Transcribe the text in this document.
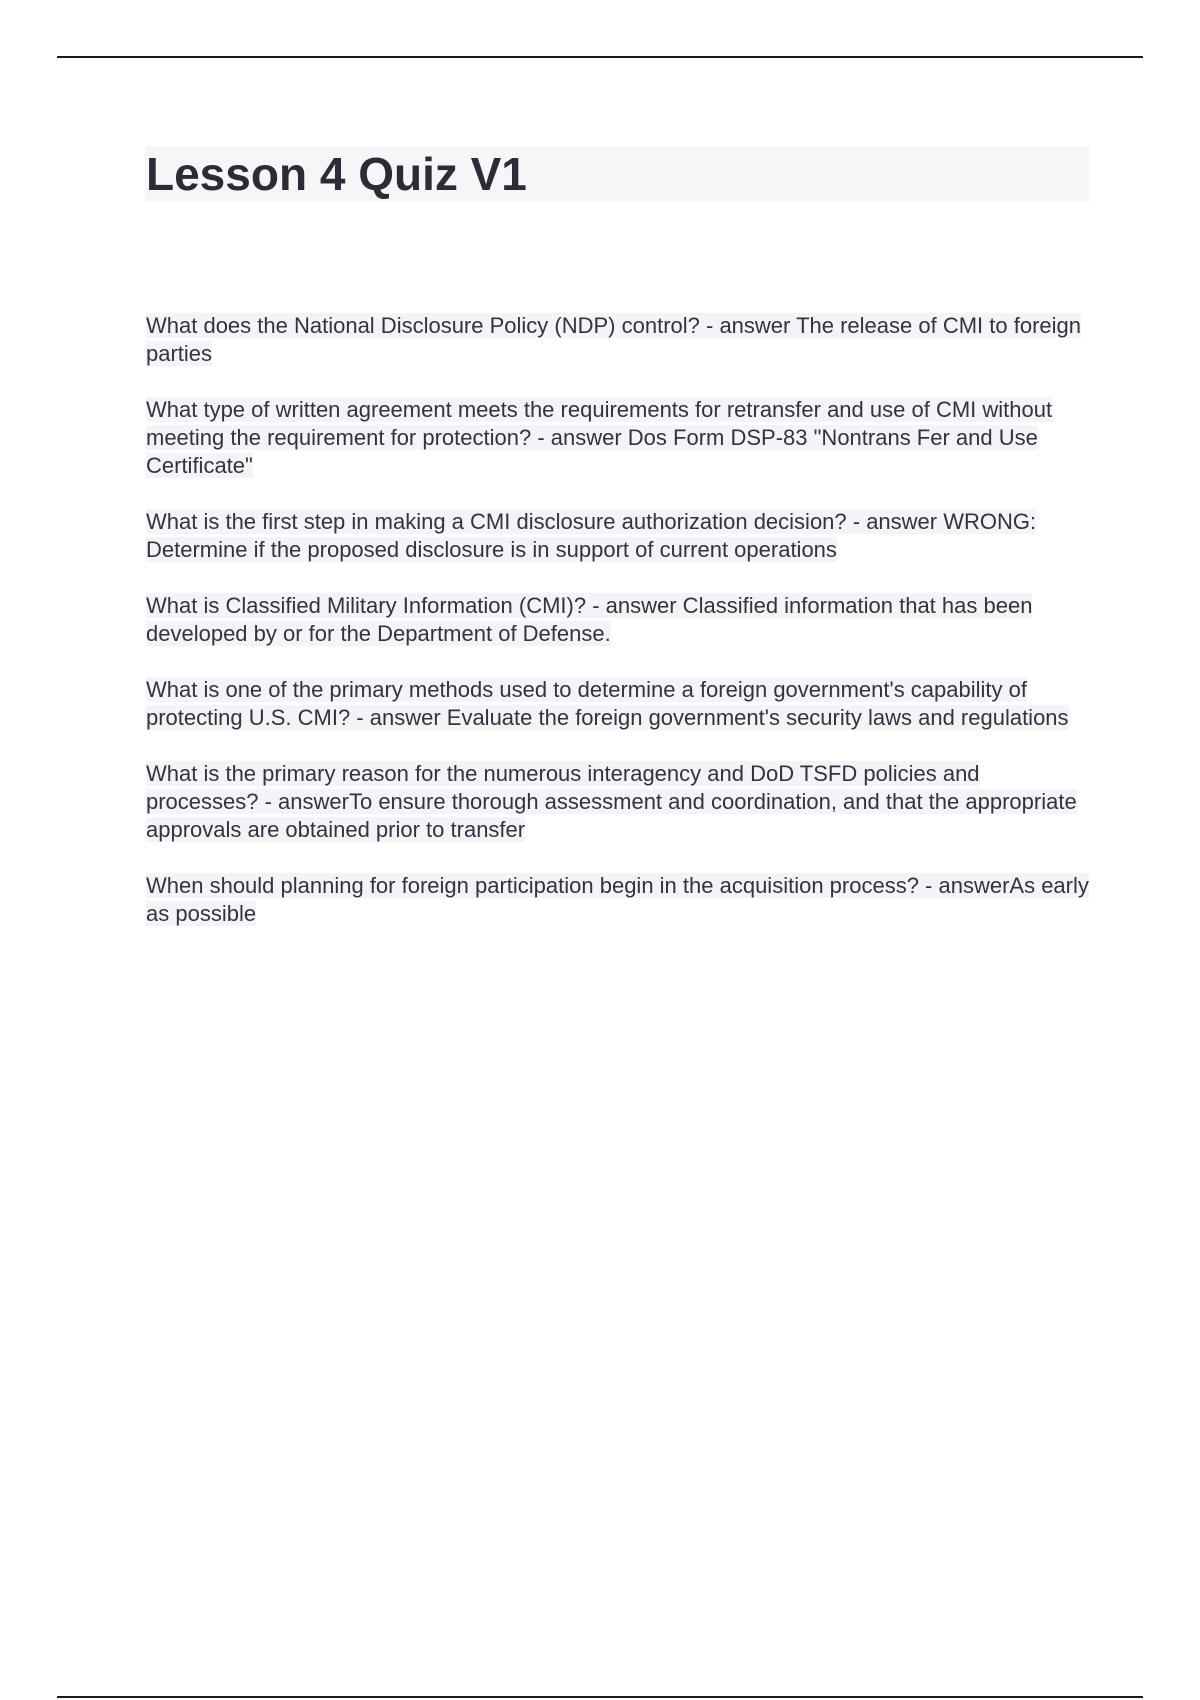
Lesson 4 Quiz V1

What does the National Disclosure Policy (NDP) control? - answer The release of CMI to foreign parties

What type of written agreement meets the requirements for retransfer and use of CMI without meeting the requirement for protection? - answer Dos Form DSP-83 "Nontrans Fer and Use Certificate"

What is the first step in making a CMI disclosure authorization decision? - answer WRONG: Determine if the proposed disclosure is in support of current operations

What is Classified Military Information (CMI)? - answer Classified information that has been developed by or for the Department of Defense.

What is one of the primary methods used to determine a foreign government's capability of protecting U.S. CMI? - answer Evaluate the foreign government's security laws and regulations

What is the primary reason for the numerous interagency and DoD TSFD policies and processes? - answerTo ensure thorough assessment and coordination, and that the appropriate approvals are obtained prior to transfer

When should planning for foreign participation begin in the acquisition process? - answerAs early as possible
